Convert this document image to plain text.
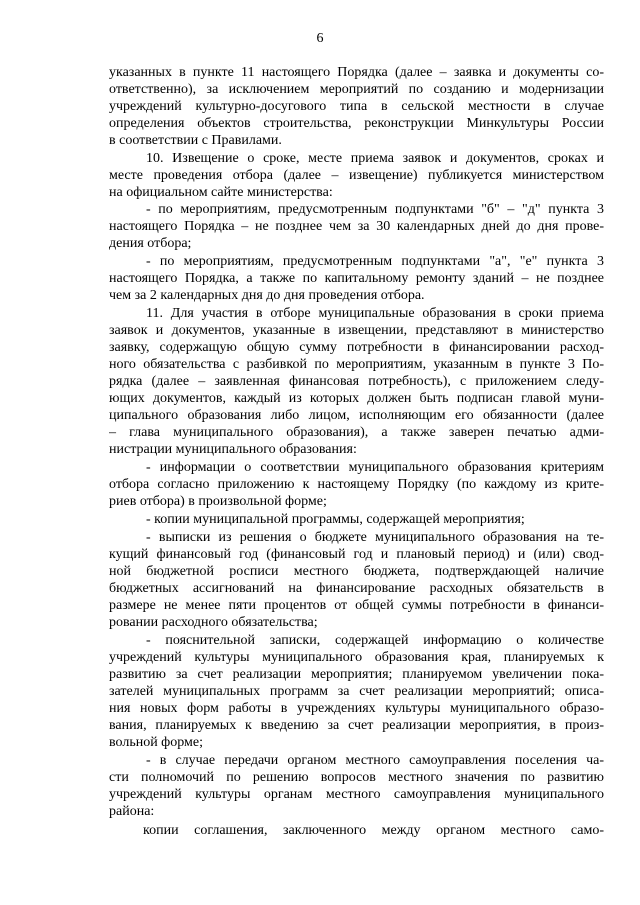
6
указанных в пункте 11 настоящего Порядка (далее – заявка и документы со-
ответственно), за исключением мероприятий по созданию и модернизации
учреждений культурно-досугового типа в сельской местности в случае
определения объектов строительства, реконструкции Минкультуры России
в соответствии с Правилами.
10. Извещение о сроке, месте приема заявок и документов, сроках и
месте проведения отбора (далее – извещение) публикуется министерством
на официальном сайте министерства:
- по мероприятиям, предусмотренным подпунктами "б" – "д" пункта 3
настоящего Порядка – не позднее чем за 30 календарных дней до дня прове-
дения отбора;
- по мероприятиям, предусмотренным подпунктами "а", "е" пункта 3
настоящего Порядка, а также по капитальному ремонту зданий – не позднее
чем за 2 календарных дня до дня проведения отбора.
11. Для участия в отборе муниципальные образования в сроки приема
заявок и документов, указанные в извещении, представляют в министерство
заявку, содержащую общую сумму потребности в финансировании расход-
ного обязательства с разбивкой по мероприятиям, указанным в пункте 3 По-
рядка (далее – заявленная финансовая потребность), с приложением следу-
ющих документов, каждый из которых должен быть подписан главой муни-
ципального образования либо лицом, исполняющим его обязанности (далее
– глава муниципального образования), а также заверен печатью адми-
нистрации муниципального образования:
- информации о соответствии муниципального образования критериям
отбора согласно приложению к настоящему Порядку (по каждому из крите-
риев отбора) в произвольной форме;
- копии муниципальной программы, содержащей мероприятия;
- выписки из решения о бюджете муниципального образования на те-
кущий финансовый год (финансовый год и плановый период) и (или) свод-
ной бюджетной росписи местного бюджета, подтверждающей наличие
бюджетных ассигнований на финансирование расходных обязательств в
размере не менее пяти процентов от общей суммы потребности в финанси-
ровании расходного обязательства;
- пояснительной записки, содержащей информацию о количестве
учреждений культуры муниципального образования края, планируемых к
развитию за счет реализации мероприятия; планируемом увеличении пока-
зателей муниципальных программ за счет реализации мероприятий; описа-
ния новых форм работы в учреждениях культуры муниципального образо-
вания, планируемых к введению за счет реализации мероприятия, в произ-
вольной форме;
- в случае передачи органом местного самоуправления поселения ча-
сти полномочий по решению вопросов местного значения по развитию
учреждений культуры органам местного самоуправления муниципального
района:
копии соглашения, заключенного между органом местного само-
